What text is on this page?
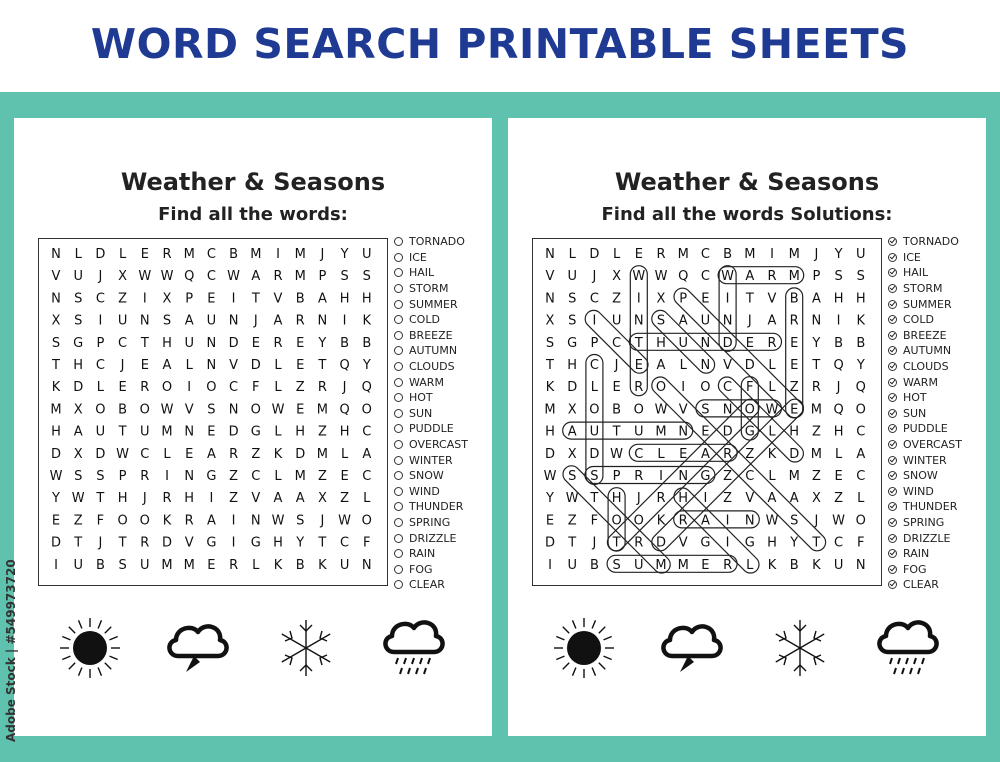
WORD SEARCH PRINTABLE SHEETS
Weather & Seasons
Find all the words:
N L D L E R M C B M I M J Y U
V U J X W W Q C W A R M P S S
N S C Z I X P E I T V B A H H
X S I U N S A U N J A R N I K
S G P C T H U N D E R E Y B B
T H C J E A L N V D L E T Q Y
K D L E R O I O C F L Z R J Q
M X O B O W V S N O W E M Q O
H A U T U M N E D G L H Z H C
D X D W C L E A R Z K D M L A
W S S P R I N G Z C L M Z E C
Y W T H J R H I Z V A A X Z L
E Z F O O K R A I N W S J W O
D T J T R D V G I G H Y T C F
I U B S U M M E R L K B K U N
TORNADO
ICE
HAIL
STORM
SUMMER
COLD
BREEZE
AUTUMN
CLOUDS
WARM
HOT
SUN
PUDDLE
OVERCAST
WINTER
SNOW
WIND
THUNDER
SPRING
DRIZZLE
RAIN
FOG
CLEAR
Weather & Seasons
Find all the words Solutions:
N L D L E R M C B M I M J Y U
V U J X W W Q C W A R M P S S
N S C Z I X P E I T V B A H H
X S I U N S A U N J A R N I K
S G P C T H U N D E R E Y B B
T H C J E A L N V D L E T Q Y
K D L E R O I O C F L Z R J Q
M X O B O W V S N O W E M Q O
H A U T U M N E D G L H Z H C
D X D W C L E A R Z K D M L A
W S S P R I N G Z C L M Z E C
Y W T H J R H I Z V A A X Z L
E Z F O O K R A I N W S J W O
D T J T R D V G I G H Y T C F
I U B S U M M E R L K B K U N
TORNADO
ICE
HAIL
STORM
SUMMER
COLD
BREEZE
AUTUMN
CLOUDS
WARM
HOT
SUN
PUDDLE
OVERCAST
WINTER
SNOW
WIND
THUNDER
SPRING
DRIZZLE
RAIN
FOG
CLEAR
Adobe Stock | #549973720
